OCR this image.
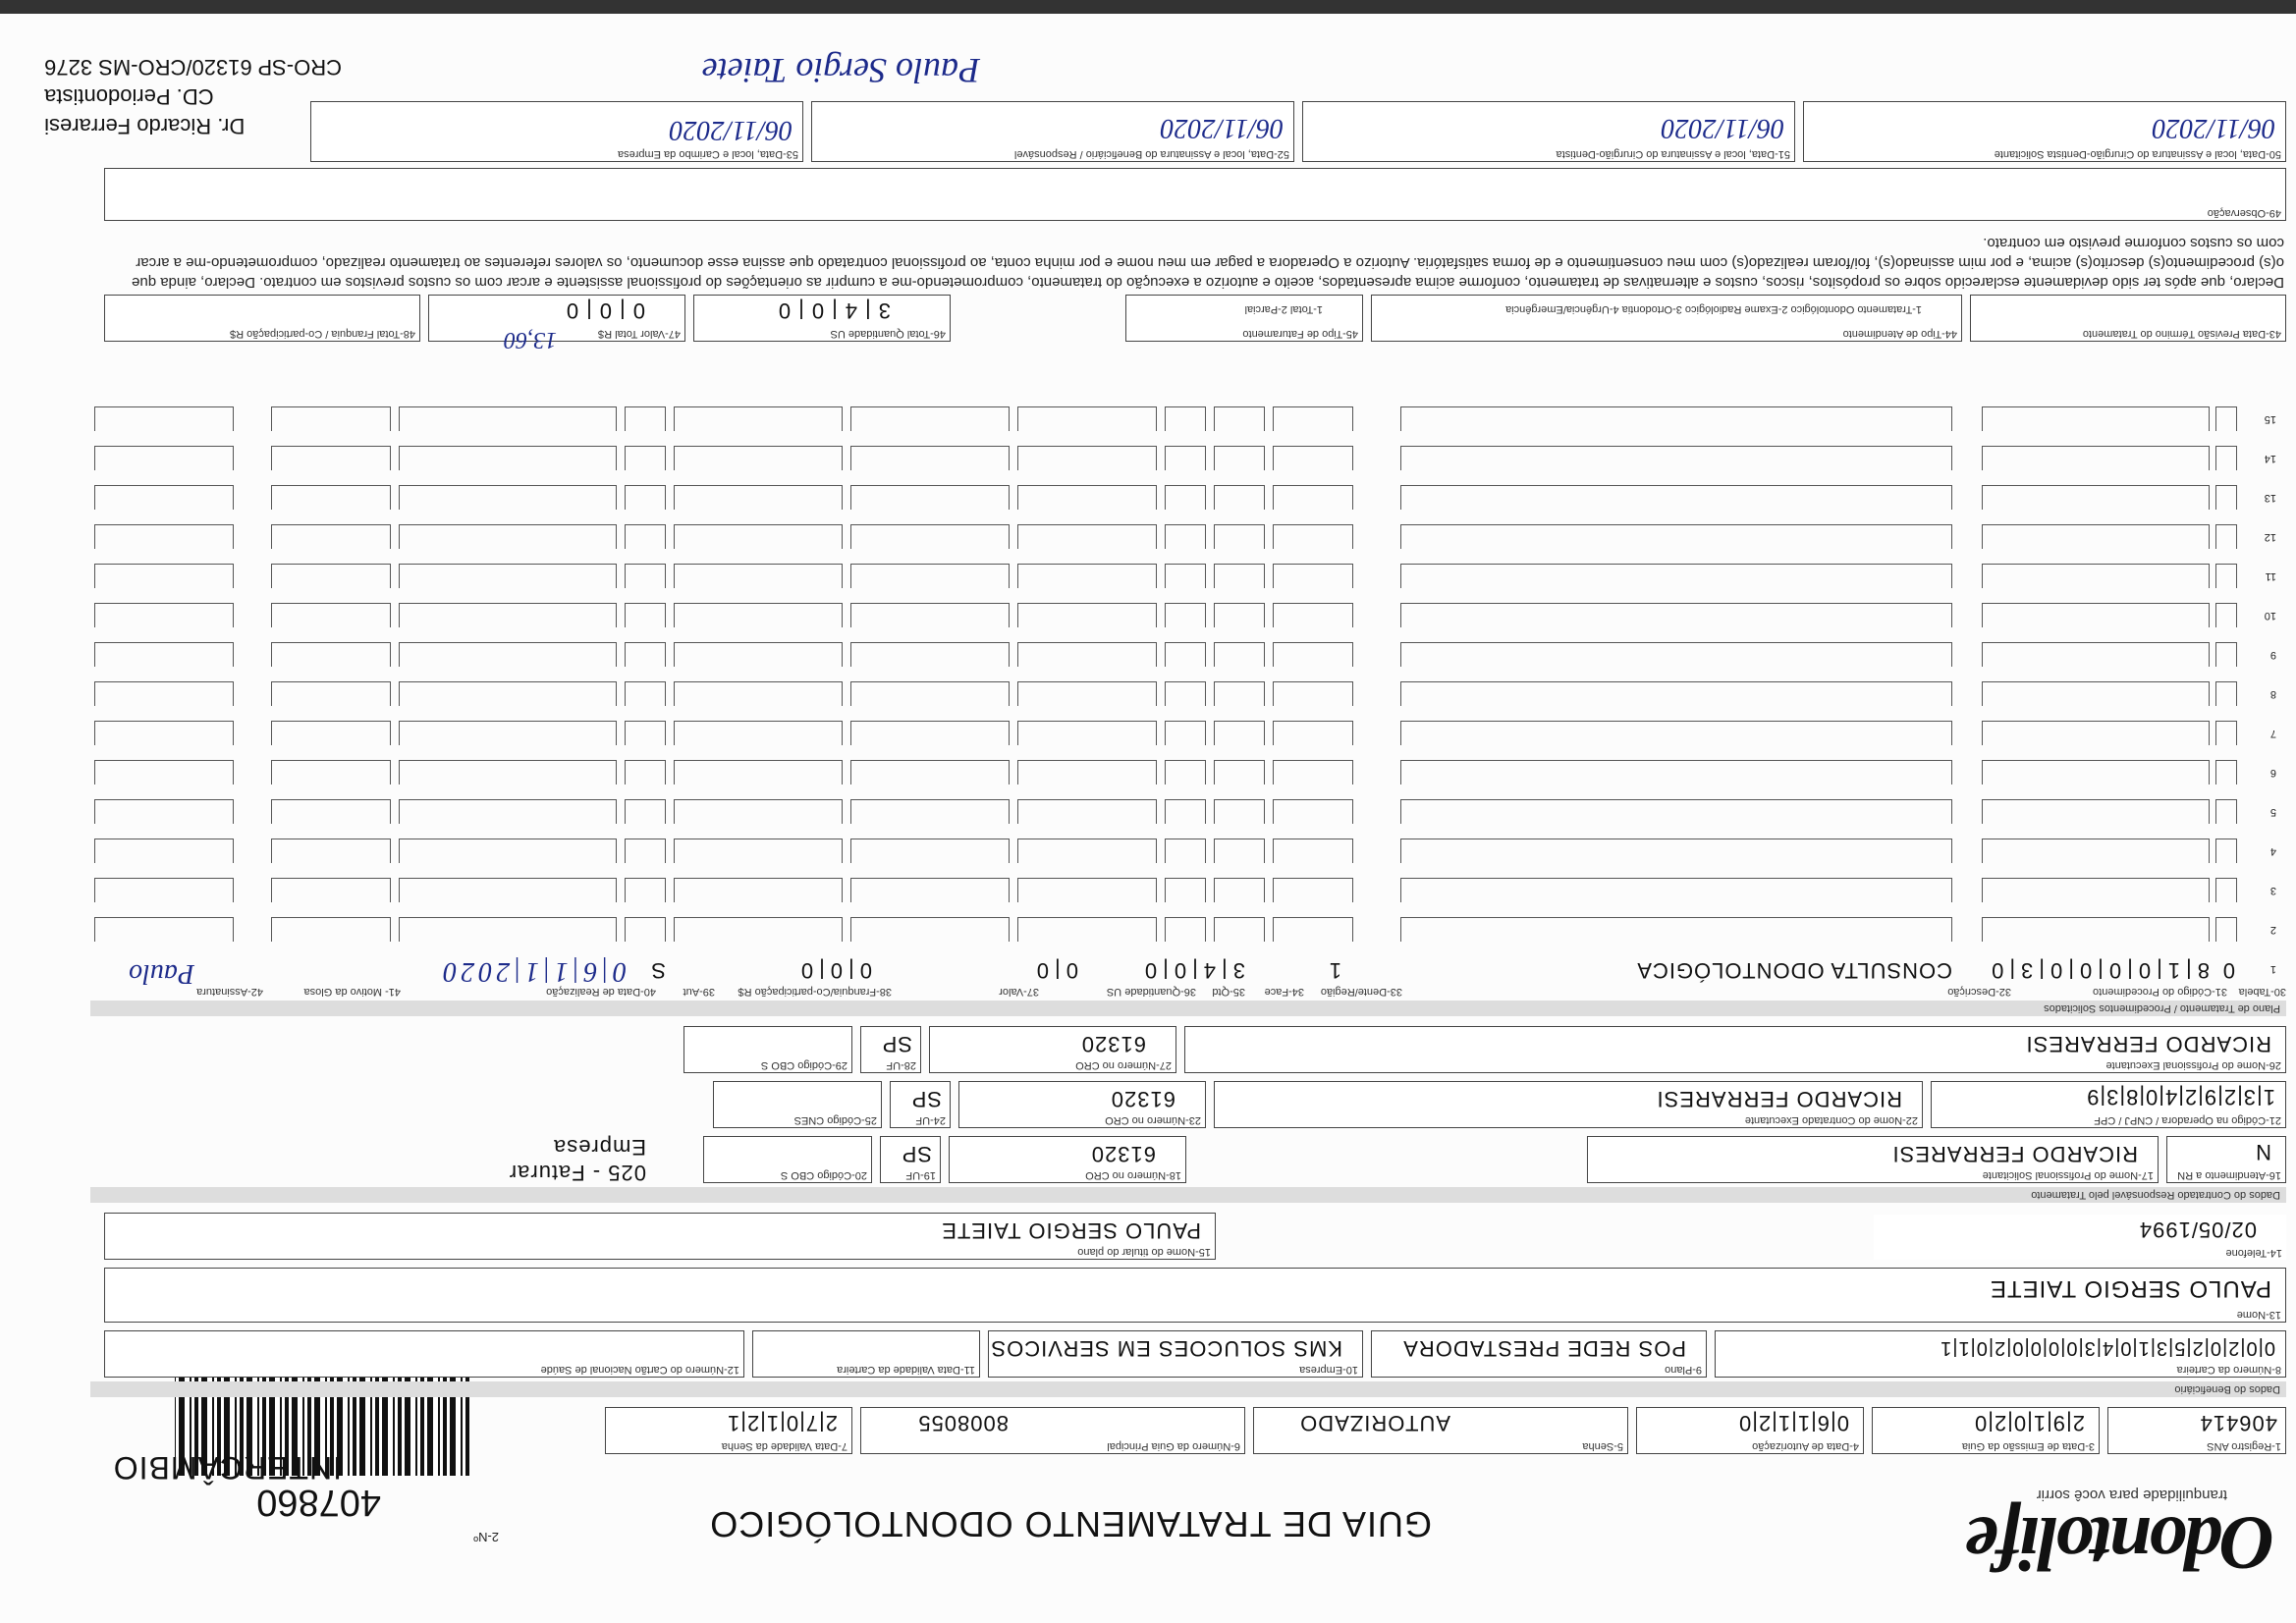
Odontolife
tranquilidade para você sorrir
GUIA DE TRATAMENTO ODONTOLÓGICO
2-Nº
407860
INTERCÂMBIO
1-Registro ANS
406414
3-Data de Emissão da Guia
2|9|1|0|2|0
4-Data de Autorização
0|6|1|1|2|0
5-Senha
AUTORIZADO
6-Número da Guia Principal
8008055
7-Data Validade da Senha
2|7|0|1|2|1
Dados do Beneficiário
8-Número da Carteira
0|0|2|0|2|5|3|1|0|4|3|0|0|0|0|2|0|1|1
9-Plano
POS REDE PRESTADORA
10-Empresa
KMS SOLUCOES EM SERVICOS
11-Data Validade da Carteira
12-Número do Cartão Nacional de Saúde
13-Nome
PAULO SERGIO TAIETE
14-Telefone
02/05/1994
15-Nome do titular do plano
PAULO SERGIO TAIETE
Dados do Contratado Responsável pelo Tratamento
16-Atendimento a RN
N
17-Nome do Profissional Solicitante
RICARDO FERRARESI
18-Número no CRO
61320
19-UF
SP
20-Código CBO S
025 - Faturar Empresa
21-Código na Operadora / CNPJ / CPF
1|3|2|9|2|4|0|8|3|9
22-Nome do Contratado Executante
RICARDO FERRARESI
23-Número no CRO
61320
24-UF
SP
25-Código CNES
26-Nome do Profissional Executante
RICARDO FERRARESI
27-Número no CRO
61320
28-UF
SP
29-Código CBO S
Plano de Tratamento / Procedimentos Solicitados
30-Tabela
31-Código do Procedimento
32-Descrição
33-Dente/Região
34-Face
35-Qtd
36-Quantidade US
37-Valor
38-Franquia/Co-participação R$
39-Aut
40-Data de Realização
41- Motivo da Glosa
42-Assinatura
1
0
8|1|0|0|0|0|3|0
CONSULTA ODONTOLÓGICA
1
3|4|0|0
0|0
0|0|0
S
0|6|1|1|2020
Paulo
2
3
4
5
6
7
8
9
10
11
12
13
14
15
43-Data Previsão Término do Tratamento
44-Tipo de Atendimento
1-Tratamento Odontológico 2-Exame Radiológico 3-Ortodontia 4-Urgência/Emergência
45-Tipo de Faturamento
1-Total 2-Parcial
46-Total Quantidade US
3|4|0|0
47-Valor Total R$
0|0|0
13,60
48-Total Franquia / Co-participação R$
Declaro, que após ter sido devidamente esclarecido sobre os propósitos, riscos, custos e alternativas de tratamento, conforme acima apresentados, aceito e autorizo a execução do tratamento, comprometendo-me a cumprir as orientações do profissional assistente e arcar com os custos previstos em contrato. Declaro, ainda que o(s) procedimento(s) descrito(s) acima, e por mim assinado(s), foi/foram realizado(s) com meu consentimento e de forma satisfatória. Autorizo a Operadora a pagar em meu nome e por minha conta, ao profissional contratado que assina esse documento, os valores referentes ao tratamento realizado, comprometendo-me a arcar com os custos conforme previsto em contrato.
49-Observação
50-Data, local e Assinatura do Cirurgião-Dentista Solicitante
06/11/2020
51-Data, local e Assinatura do Cirurgião-Dentista
06/11/2020
52-Data, local e Assinatura do Beneficiário / Responsável
06/11/2020
53-Data, local e Carimbo da Empresa
06/11/2020
Paulo Sergio Taiete
Dr. Ricardo Ferraresi
CD. Periodontista
CRO-SP 61320/CRO-MS 3276
